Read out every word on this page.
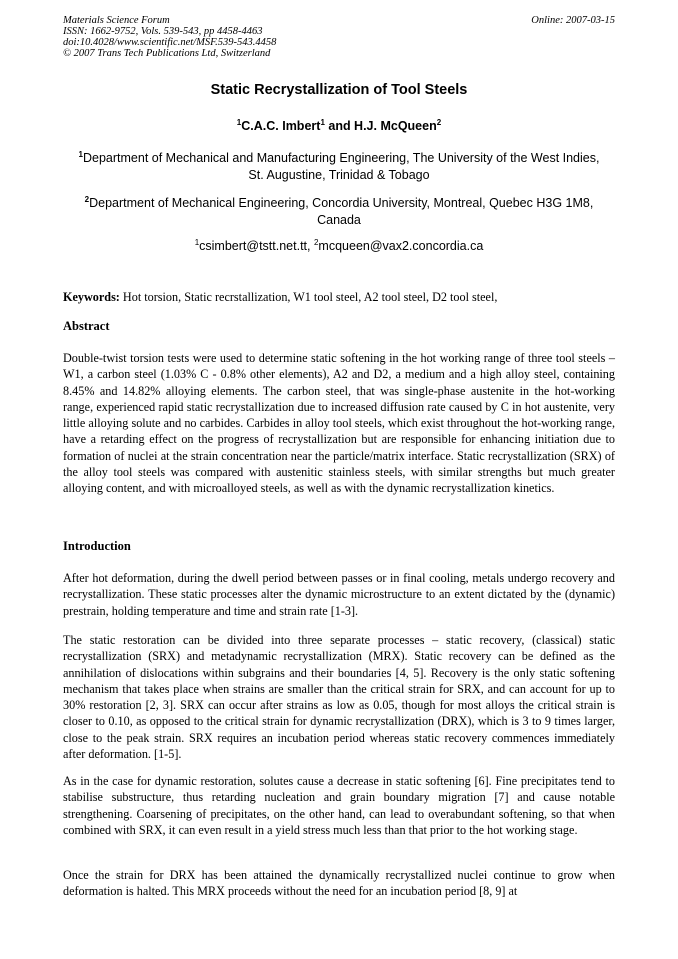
Materials Science Forum
ISSN: 1662-9752, Vols. 539-543, pp 4458-4463
doi:10.4028/www.scientific.net/MSF.539-543.4458
© 2007 Trans Tech Publications Ltd, Switzerland
Online: 2007-03-15
Static Recrystallization of Tool Steels
$^1$C.A.C. Imbert$^1$ and H.J. McQueen$^2$
$^1$Department of Mechanical and Manufacturing Engineering, The University of the West Indies, St. Augustine, Trinidad & Tobago
$^2$Department of Mechanical Engineering, Concordia University, Montreal, Quebec H3G 1M8, Canada
$^1$csimbert@tstt.net.tt, $^2$mcqueen@vax2.concordia.ca
Keywords: Hot torsion, Static recrstallization, W1 tool steel, A2 tool steel, D2 tool steel,
Abstract
Double-twist torsion tests were used to determine static softening in the hot working range of three tool steels – W1, a carbon steel (1.03% C - 0.8% other elements), A2 and D2, a medium and a high alloy steel, containing 8.45% and 14.82% alloying elements. The carbon steel, that was single-phase austenite in the hot-working range, experienced rapid static recrystallization due to increased diffusion rate caused by C in hot austenite, very little alloying solute and no carbides. Carbides in alloy tool steels, which exist throughout the hot-working range, have a retarding effect on the progress of recrystallization but are responsible for enhancing initiation due to formation of nuclei at the strain concentration near the particle/matrix interface. Static recrystallization (SRX) of the alloy tool steels was compared with austenitic stainless steels, with similar strengths but much greater alloying content, and with microalloyed steels, as well as with the dynamic recrystallization kinetics.
Introduction
After hot deformation, during the dwell period between passes or in final cooling, metals undergo recovery and recrystallization. These static processes alter the dynamic microstructure to an extent dictated by the (dynamic) prestrain, holding temperature and time and strain rate [1-3].
The static restoration can be divided into three separate processes – static recovery, (classical) static recrystallization (SRX) and metadynamic recrystallization (MRX). Static recovery can be defined as the annihilation of dislocations within subgrains and their boundaries [4, 5]. Recovery is the only static softening mechanism that takes place when strains are smaller than the critical strain for SRX, and can account for up to 30% restoration [2, 3]. SRX can occur after strains as low as 0.05, though for most alloys the critical strain is closer to 0.10, as opposed to the critical strain for dynamic recrystallization (DRX), which is 3 to 9 times larger, close to the peak strain. SRX requires an incubation period whereas static recovery commences immediately after deformation. [1-5].
As in the case for dynamic restoration, solutes cause a decrease in static softening [6]. Fine precipitates tend to stabilise substructure, thus retarding nucleation and grain boundary migration [7] and cause notable strengthening. Coarsening of precipitates, on the other hand, can lead to overabundant softening, so that when combined with SRX, it can even result in a yield stress much less than that prior to the hot working stage.
Once the strain for DRX has been attained the dynamically recrystallized nuclei continue to grow when deformation is halted. This MRX proceeds without the need for an incubation period [8, 9] at
